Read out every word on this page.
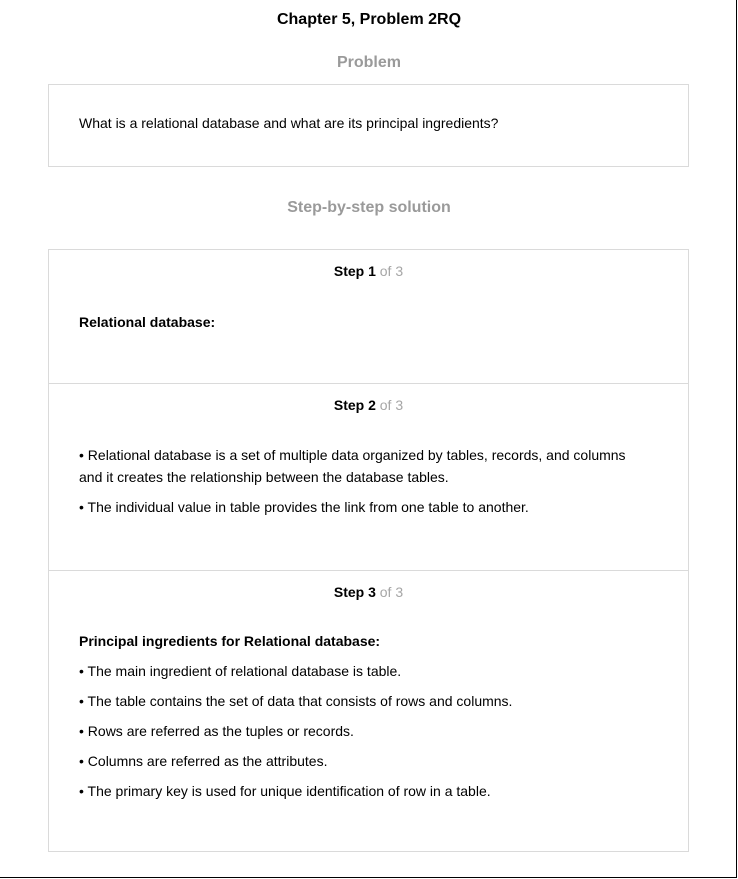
Chapter 5, Problem 2RQ
Problem
What is a relational database and what are its principal ingredients?
Step-by-step solution
Step 1 of 3

Relational database:

Step 2 of 3

• Relational database is a set of multiple data organized by tables, records, and columns and it creates the relationship between the database tables.

• The individual value in table provides the link from one table to another.

Step 3 of 3

Principal ingredients for Relational database:

• The main ingredient of relational database is table.

• The table contains the set of data that consists of rows and columns.

• Rows are referred as the tuples or records.

• Columns are referred as the attributes.

• The primary key is used for unique identification of row in a table.
